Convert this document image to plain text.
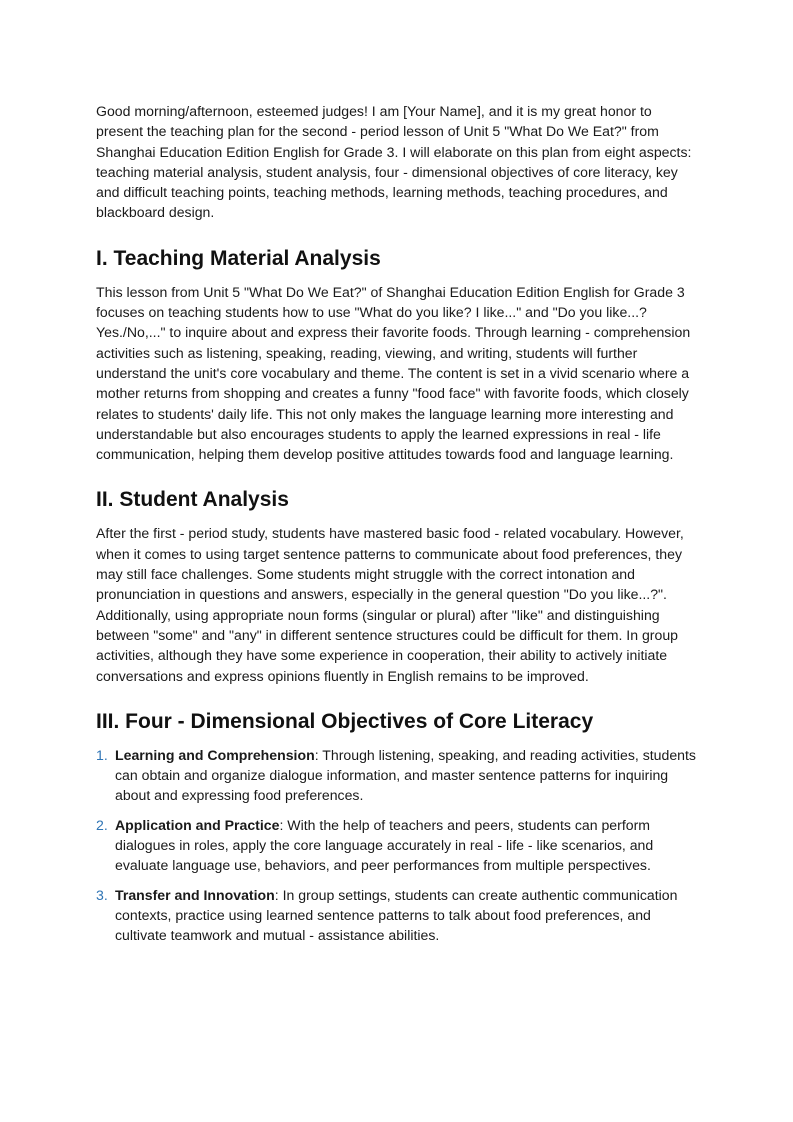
Good morning/afternoon, esteemed judges! I am [Your Name], and it is my great honor to present the teaching plan for the second - period lesson of Unit 5 "What Do We Eat?" from Shanghai Education Edition English for Grade 3. I will elaborate on this plan from eight aspects: teaching material analysis, student analysis, four - dimensional objectives of core literacy, key and difficult teaching points, teaching methods, learning methods, teaching procedures, and blackboard design.

I. Teaching Material Analysis

This lesson from Unit 5 "What Do We Eat?" of Shanghai Education Edition English for Grade 3 focuses on teaching students how to use "What do you like? I like..." and "Do you like...? Yes./No,..." to inquire about and express their favorite foods. Through learning - comprehension activities such as listening, speaking, reading, viewing, and writing, students will further understand the unit's core vocabulary and theme. The content is set in a vivid scenario where a mother returns from shopping and creates a funny "food face" with favorite foods, which closely relates to students' daily life. This not only makes the language learning more interesting and understandable but also encourages students to apply the learned expressions in real - life communication, helping them develop positive attitudes towards food and language learning.

II. Student Analysis

After the first - period study, students have mastered basic food - related vocabulary. However, when it comes to using target sentence patterns to communicate about food preferences, they may still face challenges. Some students might struggle with the correct intonation and pronunciation in questions and answers, especially in the general question "Do you like...?". Additionally, using appropriate noun forms (singular or plural) after "like" and distinguishing between "some" and "any" in different sentence structures could be difficult for them. In group activities, although they have some experience in cooperation, their ability to actively initiate conversations and express opinions fluently in English remains to be improved.

III. Four - Dimensional Objectives of Core Literacy
1. Learning and Comprehension: Through listening, speaking, and reading activities, students can obtain and organize dialogue information, and master sentence patterns for inquiring about and expressing food preferences.
2. Application and Practice: With the help of teachers and peers, students can perform dialogues in roles, apply the core language accurately in real - life - like scenarios, and evaluate language use, behaviors, and peer performances from multiple perspectives.
3. Transfer and Innovation: In group settings, students can create authentic communication contexts, practice using learned sentence patterns to talk about food preferences, and cultivate teamwork and mutual - assistance abilities.
